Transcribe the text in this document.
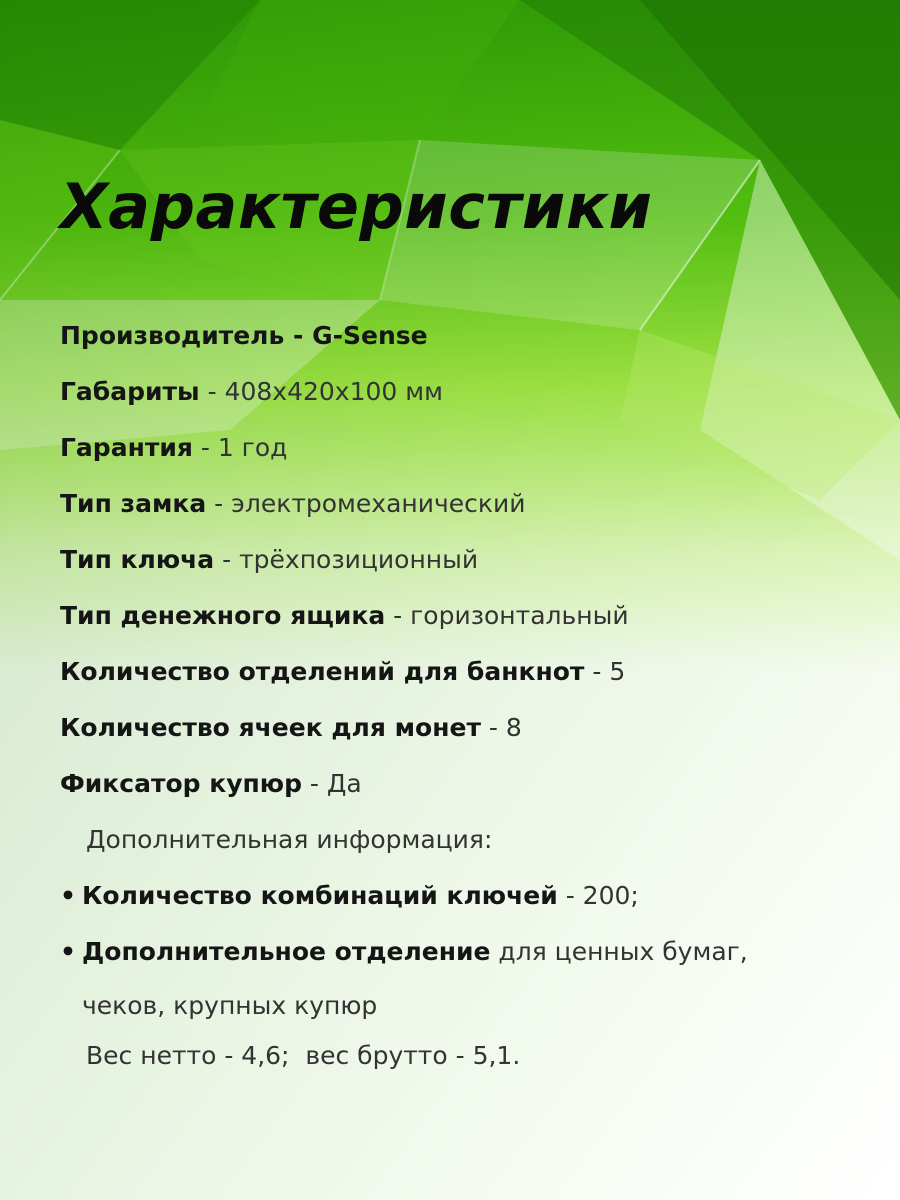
Характеристики
Производитель - G-Sense
Габариты - 408х420х100 мм
Гарантия - 1 год
Тип замка - электромеханический
Тип ключа - трёхпозиционный
Тип денежного ящика - горизонтальный
Количество отделений для банкнот - 5
Количество ячеек для монет - 8
Фиксатор купюр - Да
Дополнительная информация:
• Количество комбинаций ключей - 200;
• Дополнительное отделение для ценных бумаг,
чеков, крупных купюр
Вес нетто - 4,6;  вес брутто - 5,1.
